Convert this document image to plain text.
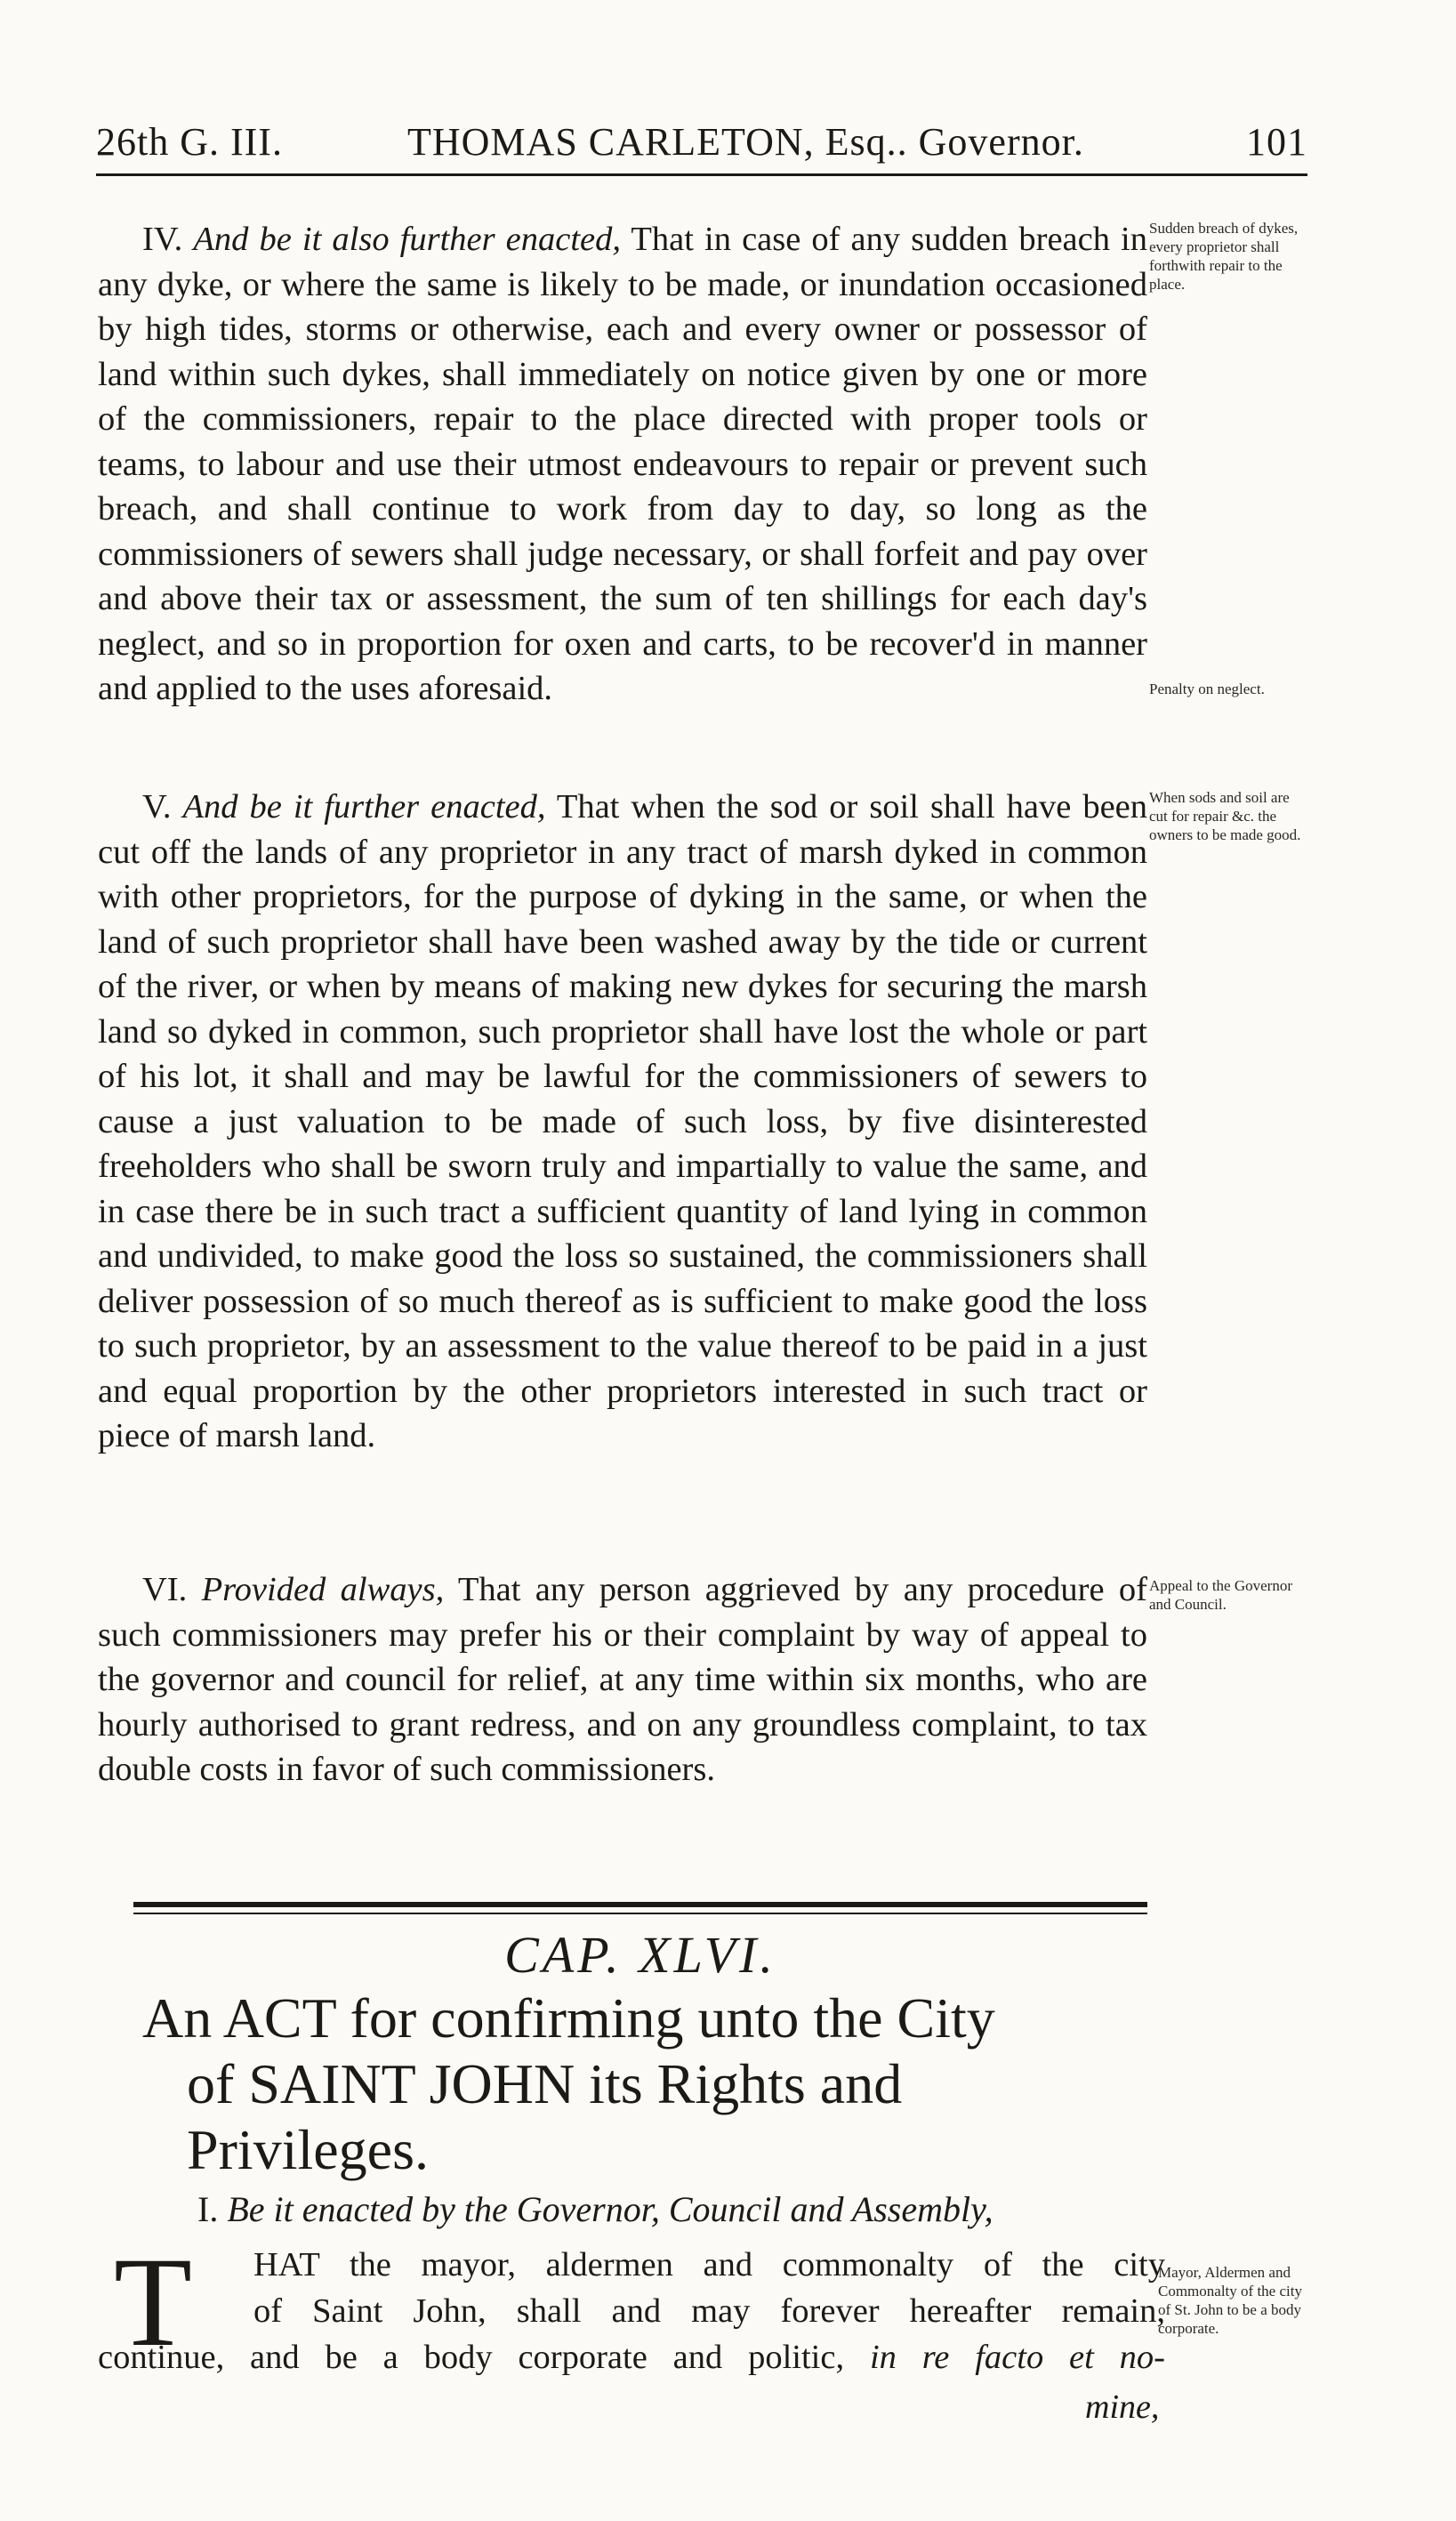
26th G. III.	THOMAS CARLETON, Esq.. Governor.	101

IV. And be it also further enacted, That in case of any sudden breach in any dyke, or where the same is likely to be made, or inundation occasioned by high tides, storms or otherwise, each and every owner or possessor of land within such dykes, shall immediately on notice given by one or more of the commissioners, repair to the place directed with proper tools or teams, to labour and use their utmost endeavours to repair or prevent such breach, and shall continue to work from day to day, so long as the commissioners of sewers shall judge necessary, or shall forfeit and pay over and above their tax or assessment, the sum of ten shillings for each day's neglect, and so in proportion for oxen and carts, to be recover'd in manner and applied to the uses aforesaid.

Sudden breach of dykes, every proprietor shall forthwith repair to the place.
Penalty on neglect.

V. And be it further enacted, That when the sod or soil shall have been cut off the lands of any proprietor in any tract of marsh dyked in common with other proprietors, for the purpose of dyking in the same, or when the land of such proprietor shall have been washed away by the tide or current of the river, or when by means of making new dykes for securing the marsh land so dyked in common, such proprietor shall have lost the whole or part of his lot, it shall and may be lawful for the commissioners of sewers to cause a just valuation to be made of such loss, by five disinterested freeholders who shall be sworn truly and impartially to value the same, and in case there be in such tract a sufficient quantity of land lying in common and undivided, to make good the loss so sustained, the commissioners shall deliver possession of so much thereof as is sufficient to make good the loss to such proprietor, by an assessment to the value thereof to be paid in a just and equal proportion by the other proprietors interested in such tract or piece of marsh land.

When sods and soil are cut for repair &c. the owners to be made good.

VI. Provided always, That any person aggrieved by any procedure of such commissioners may prefer his or their complaint by way of appeal to the governor and council for relief, at any time within six months, who are hourly authorised to grant redress, and on any groundless complaint, to tax double costs in favor of such commissioners.

Appeal to the Governor and Council.
CAP. XLVI.
An ACT for confirming unto the City
of SAINT JOHN its Rights and
Privileges.
I. Be it enacted by the Governor, Council and Assembly,
T	HAT the mayor, aldermen and commonalty of the city
of Saint John, shall and may forever hereafter remain,
continue, and be a body corporate and politic, in re facto et no-
Mayor, Aldermen and Commonalty of the city of St. John to be a body corporate.
mine,
